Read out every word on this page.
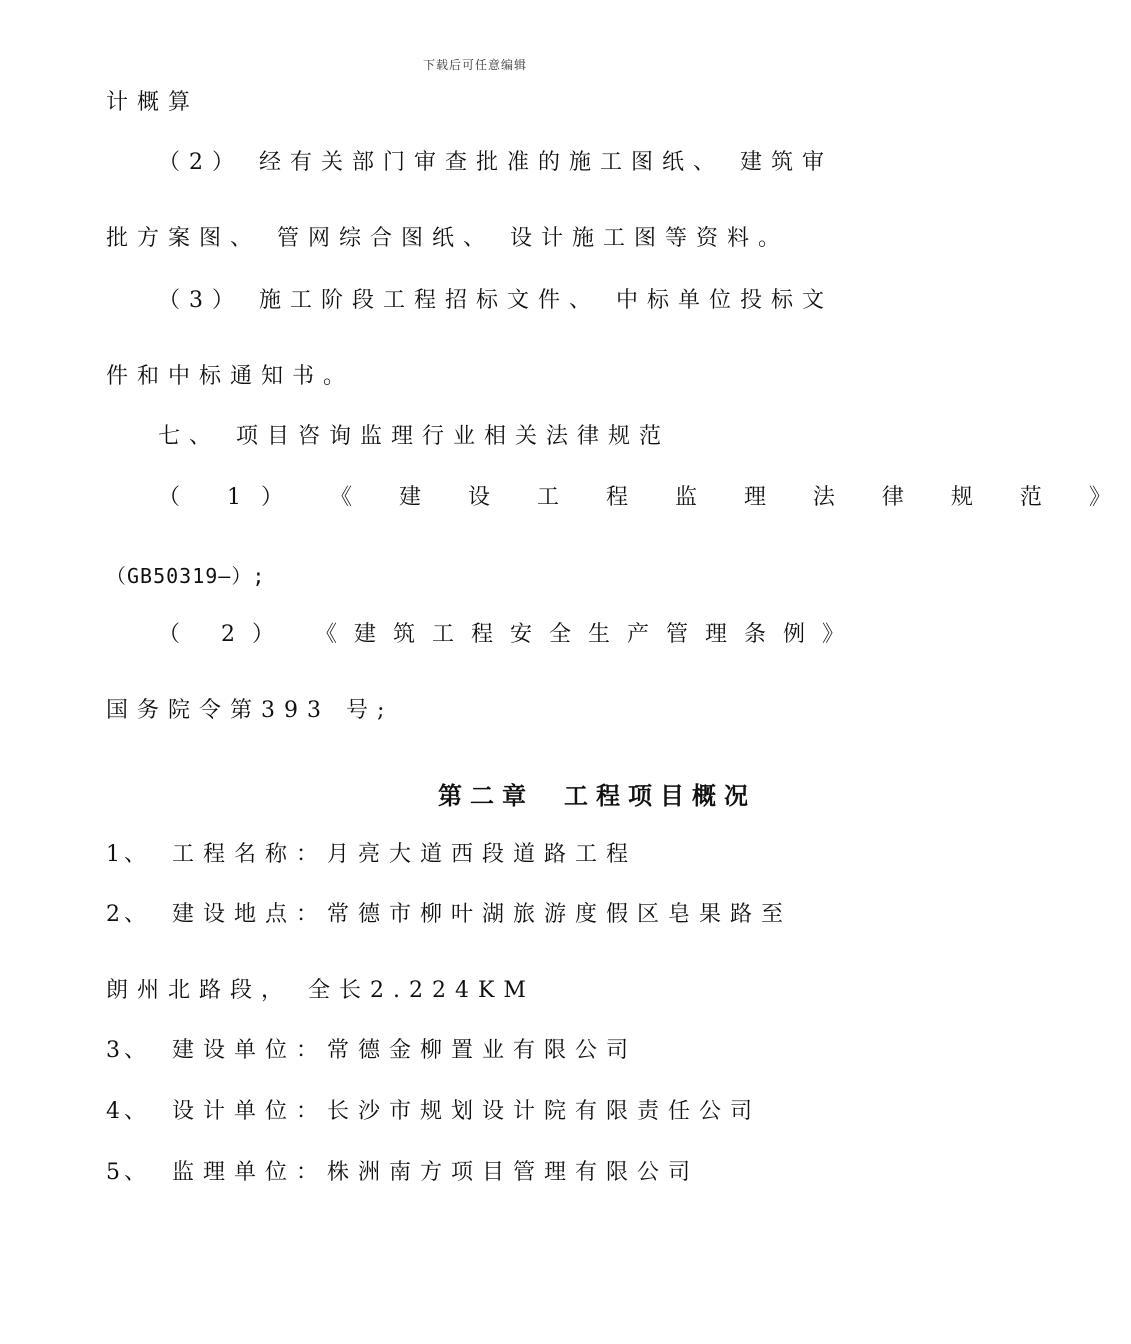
下载后可任意编辑
计概算
（2） 经有关部门审查批准的施工图纸、 建筑审
批方案图、 管网综合图纸、 设计施工图等资料。
（3） 施工阶段工程招标文件、 中标单位投标文
件和中标通知书。
七、 项目咨询监理行业相关法律规范
（ 1） 《 建 设 工 程 监 理 法 律 规 范 》
（GB50319—）;
（ 2） 《建筑工程安全生产管理条例》
国务院令第393 号;
第二章 工程项目概况
1、 工程名称：月亮大道西段道路工程
2、 建设地点：常德市柳叶湖旅游度假区皂果路至
朗州北路段， 全长2.224KM
3、 建设单位：常德金柳置业有限公司
4、 设计单位：长沙市规划设计院有限责任公司
5、 监理单位：株洲南方项目管理有限公司
